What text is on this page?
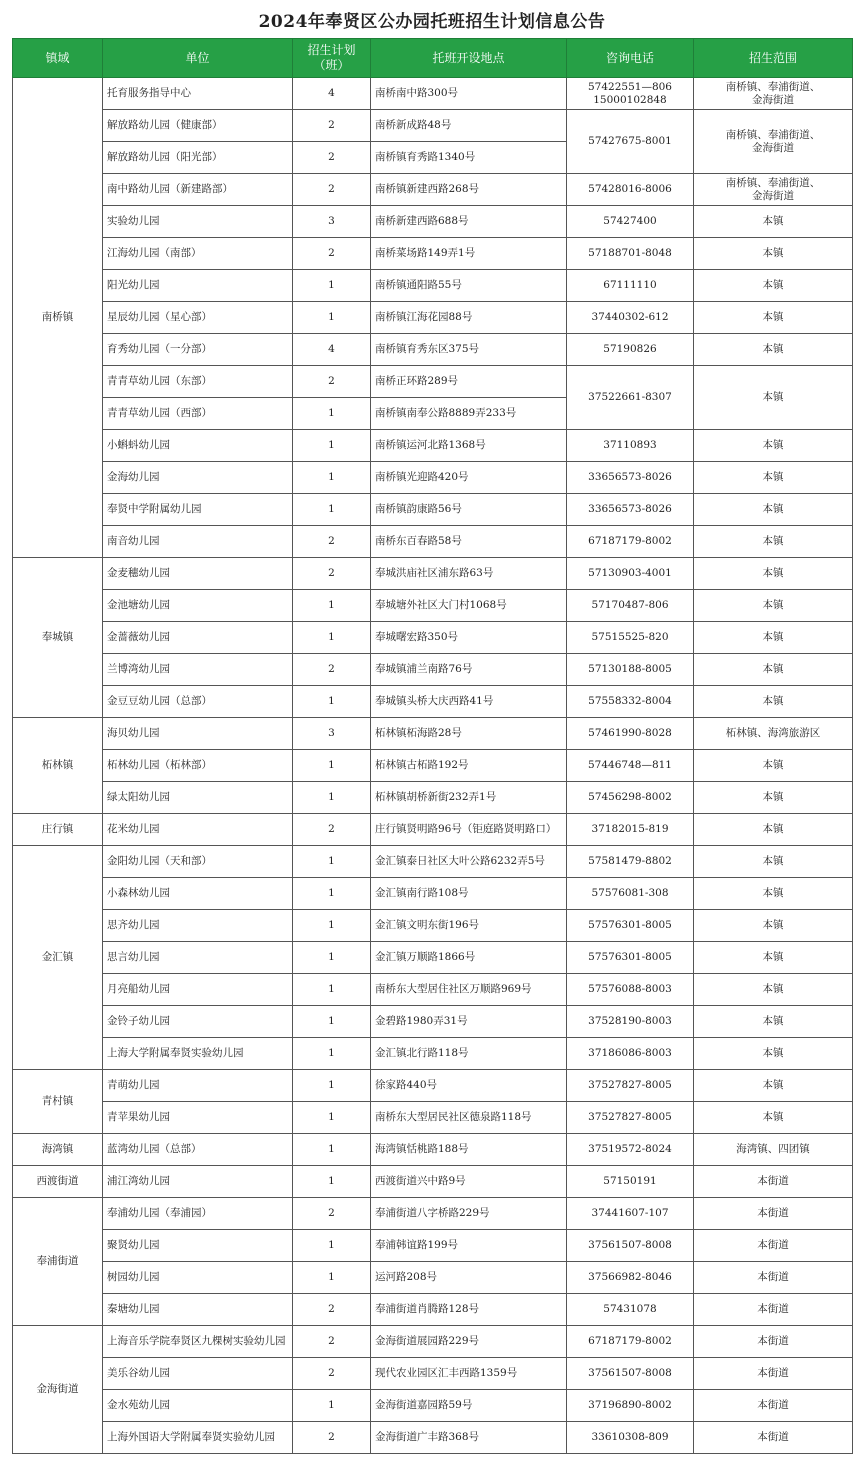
2024年奉贤区公办园托班招生计划信息公告
镇域	单位	招生计划
（班）	托班开设地点	咨询电话	招生范围
南桥镇	托育服务指导中心	4	南桥南中路300号	57422551—806
15000102848	南桥镇、奉浦街道、
金海街道
	解放路幼儿园（健康部）	2	南桥新成路48号	57427675-8001	南桥镇、奉浦街道、
金海街道
	解放路幼儿园（阳光部）	2	南桥镇育秀路1340号		
	南中路幼儿园（新建路部）	2	南桥镇新建西路268号	57428016-8006	南桥镇、奉浦街道、
金海街道
	实验幼儿园	3	南桥新建西路688号	57427400	本镇
	江海幼儿园（南部）	2	南桥菜场路149弄1号	57188701-8048	本镇
	阳光幼儿园	1	南桥镇通阳路55号	67111110	本镇
	星辰幼儿园（星心部）	1	南桥镇江海花园88号	37440302-612	本镇
	育秀幼儿园（一分部）	4	南桥镇育秀东区375号	57190826	本镇
	青青草幼儿园（东部）	2	南桥正环路289号	37522661-8307	本镇
	青青草幼儿园（西部）	1	南桥镇南奉公路8889弄233号		
	小蝌蚪幼儿园	1	南桥镇运河北路1368号	37110893	本镇
	金海幼儿园	1	南桥镇光迎路420号	33656573-8026	本镇
	奉贤中学附属幼儿园	1	南桥镇韵康路56号	33656573-8026	本镇
	南音幼儿园	2	南桥东百春路58号	67187179-8002	本镇
奉城镇	金麦穗幼儿园	2	奉城洪庙社区浦东路63号	57130903-4001	本镇
	金池塘幼儿园	1	奉城塘外社区大门村1068号	57170487-806	本镇
	金蔷薇幼儿园	1	奉城曙宏路350号	57515525-820	本镇
	兰博湾幼儿园	2	奉城镇浦兰南路76号	57130188-8005	本镇
	金豆豆幼儿园（总部）	1	奉城镇头桥大庆西路41号	57558332-8004	本镇
柘林镇	海贝幼儿园	3	柘林镇柘海路28号	57461990-8028	柘林镇、海湾旅游区
	柘林幼儿园（柘林部）	1	柘林镇古柘路192号	57446748—811	本镇
	绿太阳幼儿园	1	柘林镇胡桥新街232弄1号	57456298-8002	本镇
庄行镇	花米幼儿园	2	庄行镇贤明路96号（钜庭路贤明路口）	37182015-819	本镇
金汇镇	金阳幼儿园（天和部）	1	金汇镇泰日社区大叶公路6232弄5号	57581479-8802	本镇
	小森林幼儿园	1	金汇镇南行路108号	57576081-308	本镇
	思齐幼儿园	1	金汇镇文明东街196号	57576301-8005	本镇
	思言幼儿园	1	金汇镇万顺路1866号	57576301-8005	本镇
	月亮船幼儿园	1	南桥东大型居住社区万顺路969号	57576088-8003	本镇
	金铃子幼儿园	1	金碧路1980弄31号	37528190-8003	本镇
	上海大学附属奉贤实验幼儿园	1	金汇镇北行路118号	37186086-8003	本镇
青村镇	青萌幼儿园	1	徐家路440号	37527827-8005	本镇
	青苹果幼儿园	1	南桥东大型居民社区德泉路118号	37527827-8005	本镇
海湾镇	蓝湾幼儿园（总部）	1	海湾镇恬桃路188号	37519572-8024	海湾镇、四团镇
西渡街道	浦江湾幼儿园	1	西渡街道兴中路9号	57150191	本街道
奉浦街道	奉浦幼儿园（奉浦园）	2	奉浦街道八字桥路229号	37441607-107	本街道
	聚贤幼儿园	1	奉浦韩谊路199号	37561507-8008	本街道
	树园幼儿园	1	运河路208号	37566982-8046	本街道
	秦塘幼儿园	2	奉浦街道肖腾路128号	57431078	本街道
金海街道	上海音乐学院奉贤区九棵树实验幼儿园	2	金海街道展园路229号	67187179-8002	本街道
	美乐谷幼儿园	2	现代农业园区汇丰西路1359号	37561507-8008	本街道
	金水苑幼儿园	1	金海街道嘉园路59号	37196890-8002	本街道
	上海外国语大学附属奉贤实验幼儿园	2	金海街道广丰路368号	33610308-809	本街道
